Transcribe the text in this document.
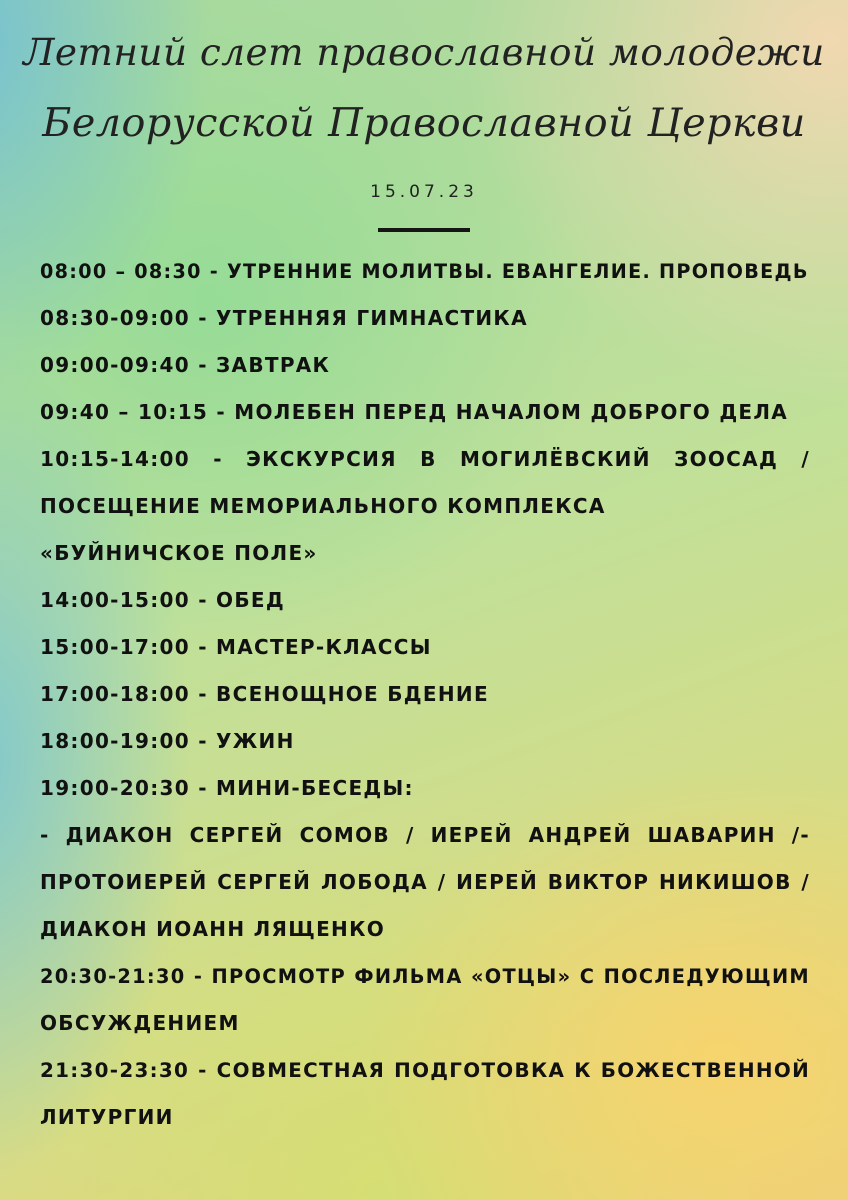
Летний слет православной молодежи
Белорусской Православной Церкви
15.07.23
08:00 – 08:30 - УТРЕННИЕ МОЛИТВЫ. ЕВАНГЕЛИЕ. ПРОПОВЕДЬ
08:30-09:00 - УТРЕННЯЯ ГИМНАСТИКА
09:00-09:40 - ЗАВТРАК
09:40 – 10:15 - МОЛЕБЕН ПЕРЕД НАЧАЛОМ ДОБРОГО ДЕЛА
10:15-14:00 - ЭКСКУРСИЯ В МОГИЛЁВСКИЙ ЗООСАД /
ПОСЕЩЕНИЕ МЕМОРИАЛЬНОГО КОМПЛЕКСА
«БУЙНИЧСКОЕ ПОЛЕ»
14:00-15:00 - ОБЕД
15:00-17:00 - МАСТЕР-КЛАССЫ
17:00-18:00 - ВСЕНОЩНОЕ БДЕНИЕ
18:00-19:00 - УЖИН
19:00-20:30 - МИНИ-БЕСЕДЫ:
- ДИАКОН СЕРГЕЙ СОМОВ / ИЕРЕЙ АНДРЕЙ ШАВАРИН /-
ПРОТОИЕРЕЙ СЕРГЕЙ ЛОБОДА / ИЕРЕЙ ВИКТОР НИКИШОВ /
ДИАКОН ИОАНН ЛЯЩЕНКО
20:30-21:30 - ПРОСМОТР ФИЛЬМА «ОТЦЫ» С ПОСЛЕДУЮЩИМ
ОБСУЖДЕНИЕМ
21:30-23:30 - СОВМЕСТНАЯ ПОДГОТОВКА К БОЖЕСТВЕННОЙ
ЛИТУРГИИ
